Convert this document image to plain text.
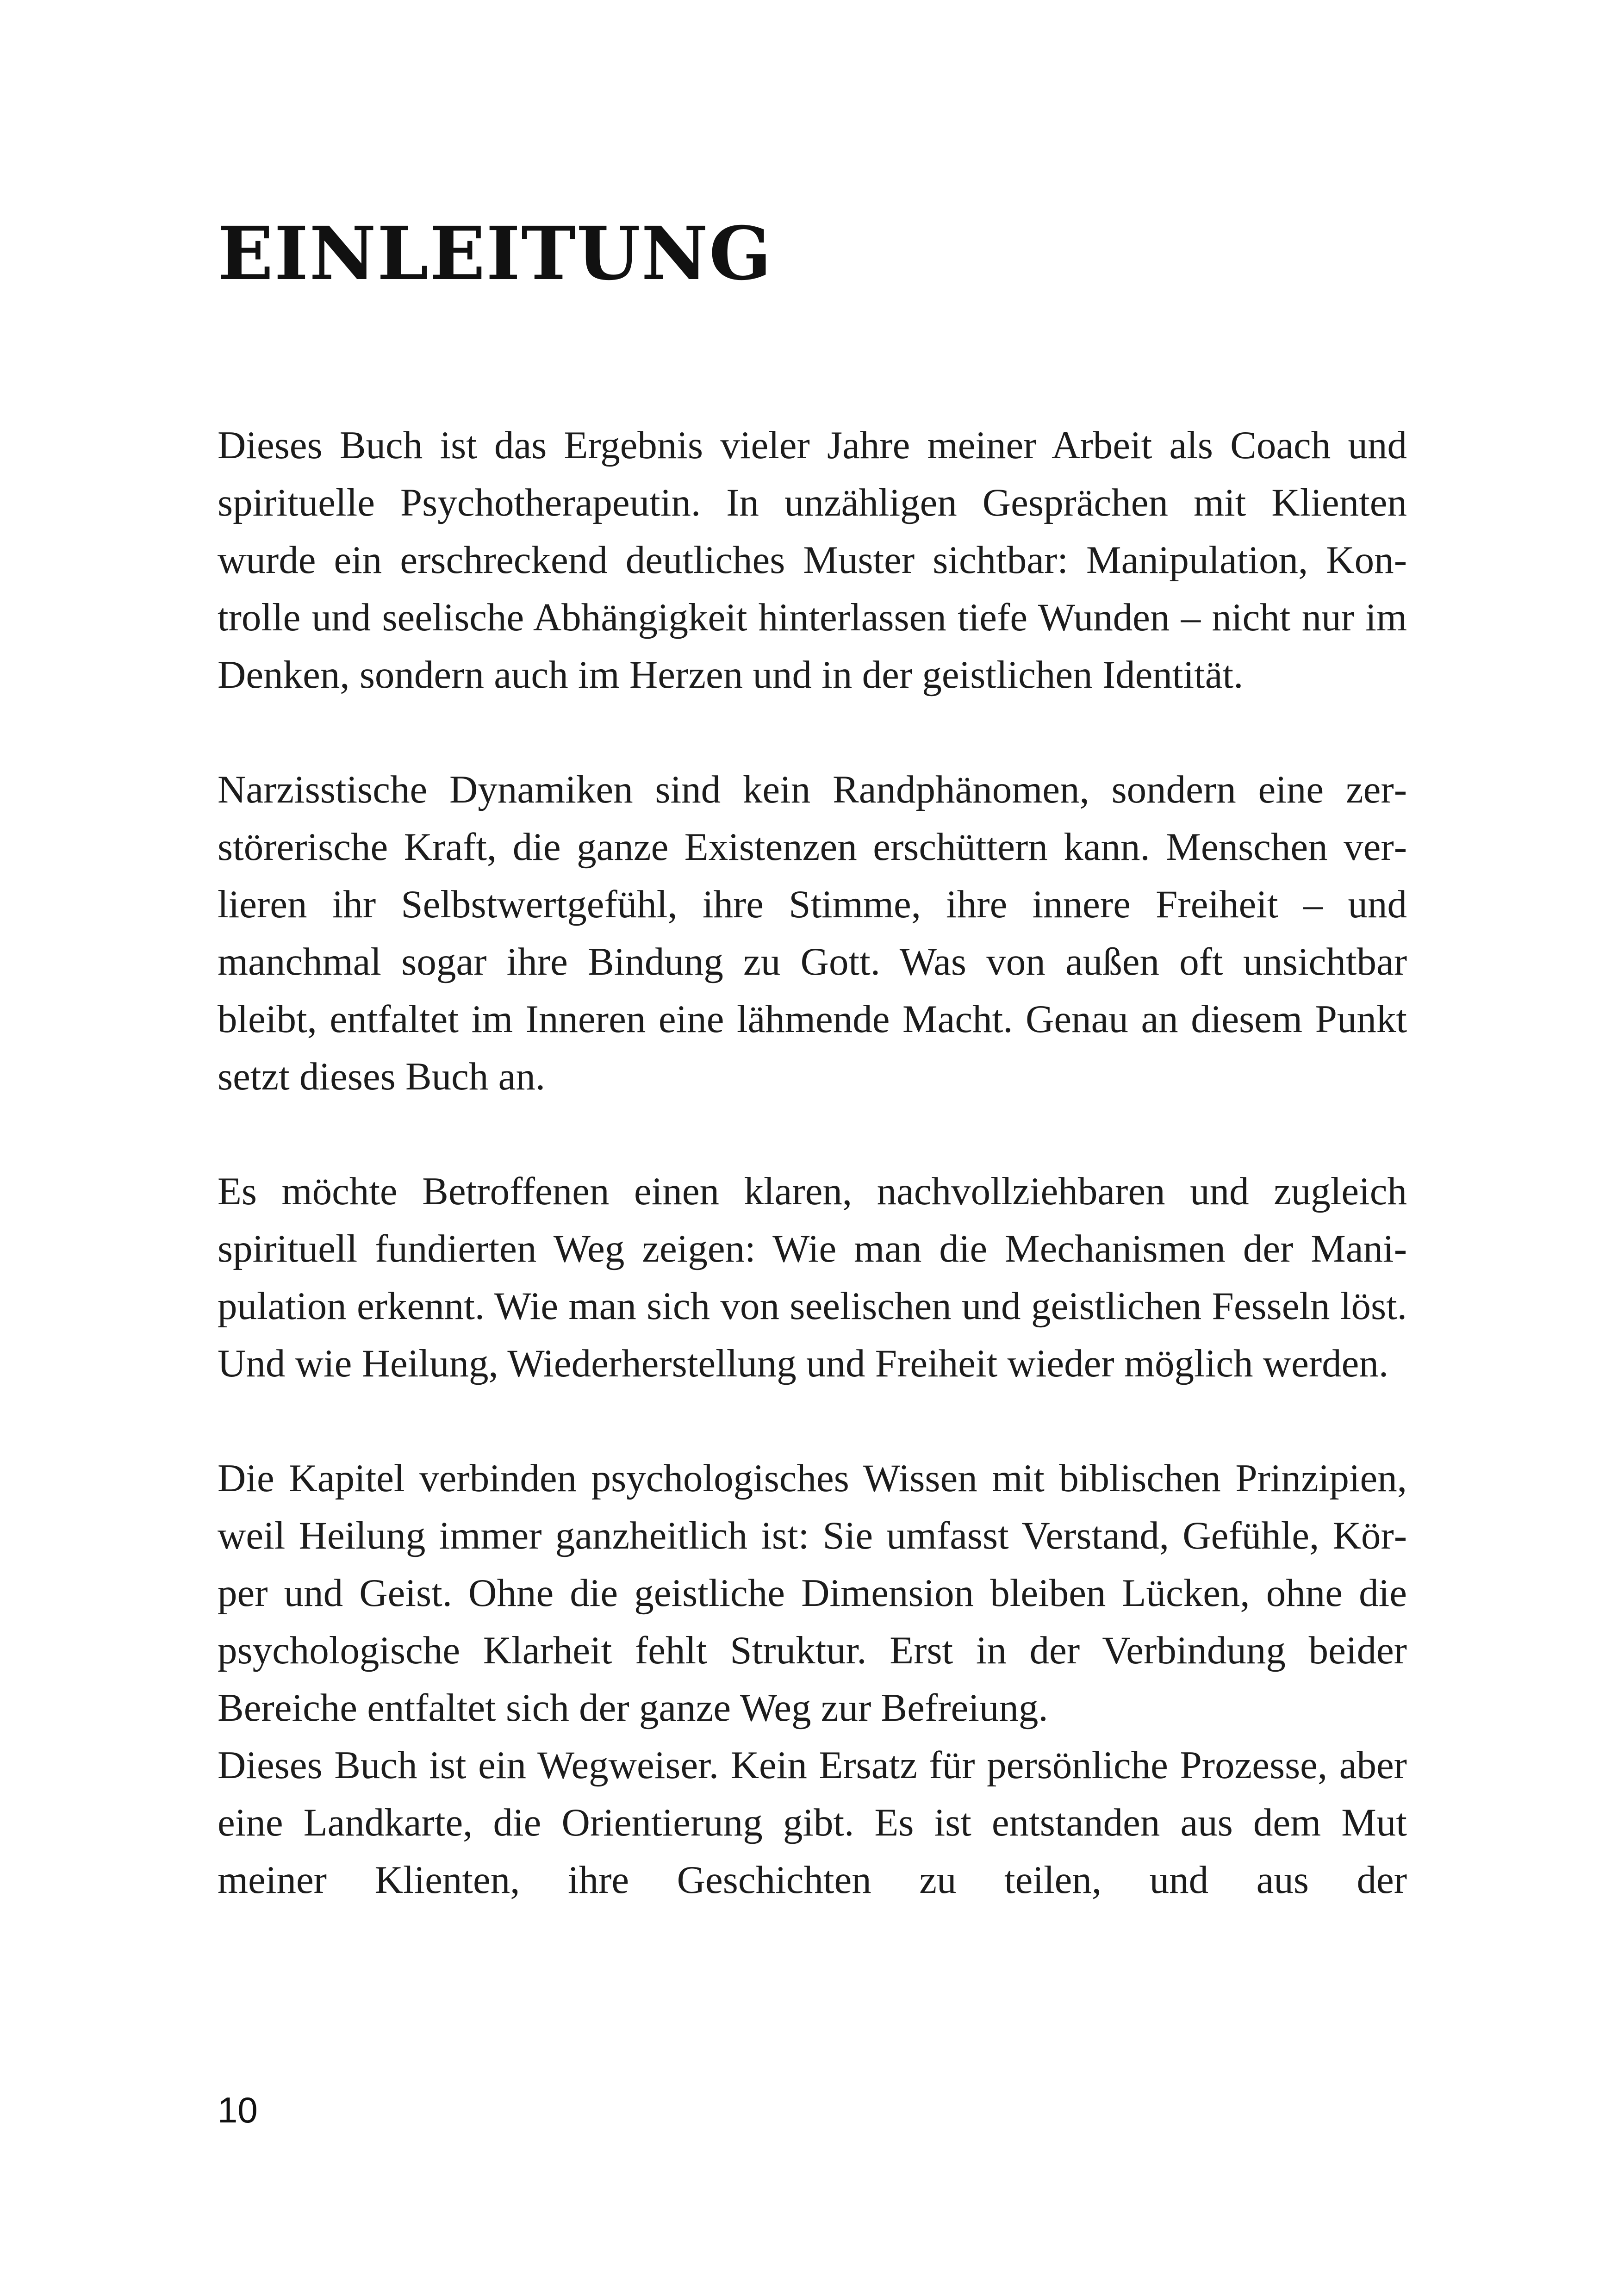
EINLEITUNG

Dieses Buch ist das Ergebnis vieler Jahre meiner Arbeit als Coach und spirituelle Psychotherapeutin. In unzähligen Gesprächen mit Klienten wurde ein erschreckend deutliches Muster sichtbar: Manipulation, Kontrolle und seelische Abhängigkeit hinterlassen tiefe Wunden – nicht nur im Denken, sondern auch im Herzen und in der geistlichen Identität.

Narzisstische Dynamiken sind kein Randphänomen, sondern eine zerstörerische Kraft, die ganze Existenzen erschüttern kann. Menschen verlieren ihr Selbstwertgefühl, ihre Stimme, ihre innere Freiheit – und manchmal sogar ihre Bindung zu Gott. Was von außen oft unsichtbar bleibt, entfaltet im Inneren eine lähmende Macht. Genau an diesem Punkt setzt dieses Buch an.

Es möchte Betroffenen einen klaren, nachvollziehbaren und zugleich spirituell fundierten Weg zeigen: Wie man die Mechanismen der Manipulation erkennt. Wie man sich von seelischen und geistlichen Fesseln löst. Und wie Heilung, Wiederherstellung und Freiheit wieder möglich werden.

Die Kapitel verbinden psychologisches Wissen mit biblischen Prinzipien, weil Heilung immer ganzheitlich ist: Sie umfasst Verstand, Gefühle, Körper und Geist. Ohne die geistliche Dimension bleiben Lücken, ohne die psychologische Klarheit fehlt Struktur. Erst in der Verbindung beider Bereiche entfaltet sich der ganze Weg zur Befreiung.

Dieses Buch ist ein Wegweiser. Kein Ersatz für persönliche Prozesse, aber eine Landkarte, die Orientierung gibt. Es ist entstanden aus dem Mut meiner Klienten, ihre Geschichten zu teilen, und aus der

10
